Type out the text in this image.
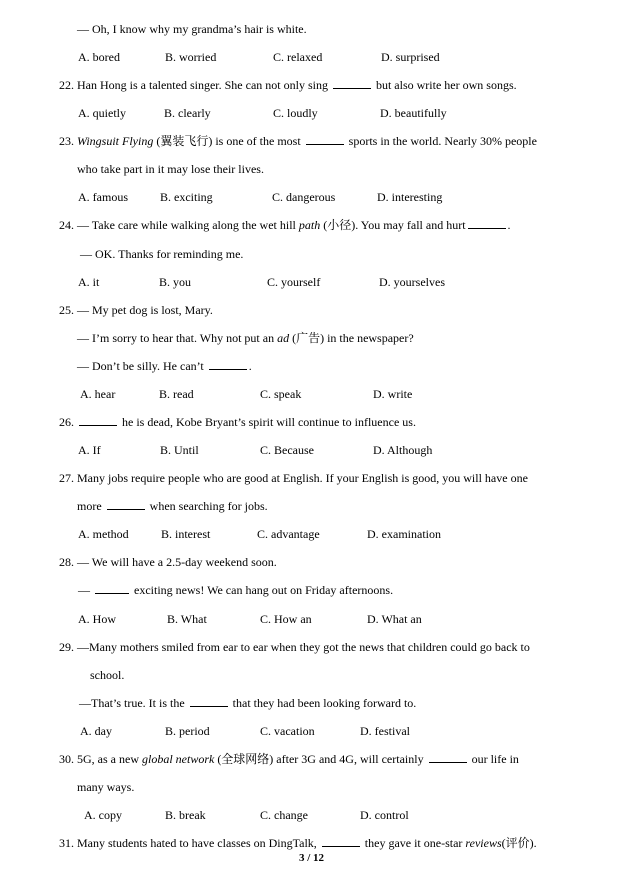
— Oh, I know why my grandma’s hair is white.
A. bored	B. worried	C. relaxed	D. surprised
22. Han Hong is a talented singer. She can not only sing	but also write her own songs.
A. quietly	B. clearly	C. loudly	D. beautifully
23. Wingsuit Flying (翼装飞行) is one of the most	sports in the world. Nearly 30% people
who take part in it may lose their lives.
A. famous	B. exciting	C. dangerous	D. interesting
24. — Take care while walking along the wet hill path (小径). You may fall and hurt	.
— OK. Thanks for reminding me.
A. it	B. you	C. yourself	D. yourselves
25. — My pet dog is lost, Mary.
— I’m sorry to hear that. Why not put an ad (广告) in the newspaper?
— Don’t be silly. He can’t	.
A. hear	B. read	C. speak	D. write
26.	he is dead, Kobe Bryant’s spirit will continue to influence us.
A. If	B. Until	C. Because	D. Although
27. Many jobs require people who are good at English. If your English is good, you will have one
more	when searching for jobs.
A. method	B. interest	C. advantage	D. examination
28. — We will have a 2.5-day weekend soon.
—	exciting news! We can hang out on Friday afternoons.
A. How	B. What	C. How an	D. What an
29. —Many mothers smiled from ear to ear when they got the news that children could go back to
school.
—That’s true. It is the	that they had been looking forward to.
A. day	B. period	C. vacation	D. festival
30. 5G, as a new global network (全球网络) after 3G and 4G, will certainly	our life in
many ways.
A. copy	B. break	C. change	D. control
31. Many students hated to have classes on DingTalk,	they gave it one-star reviews(评价).
3 / 12
